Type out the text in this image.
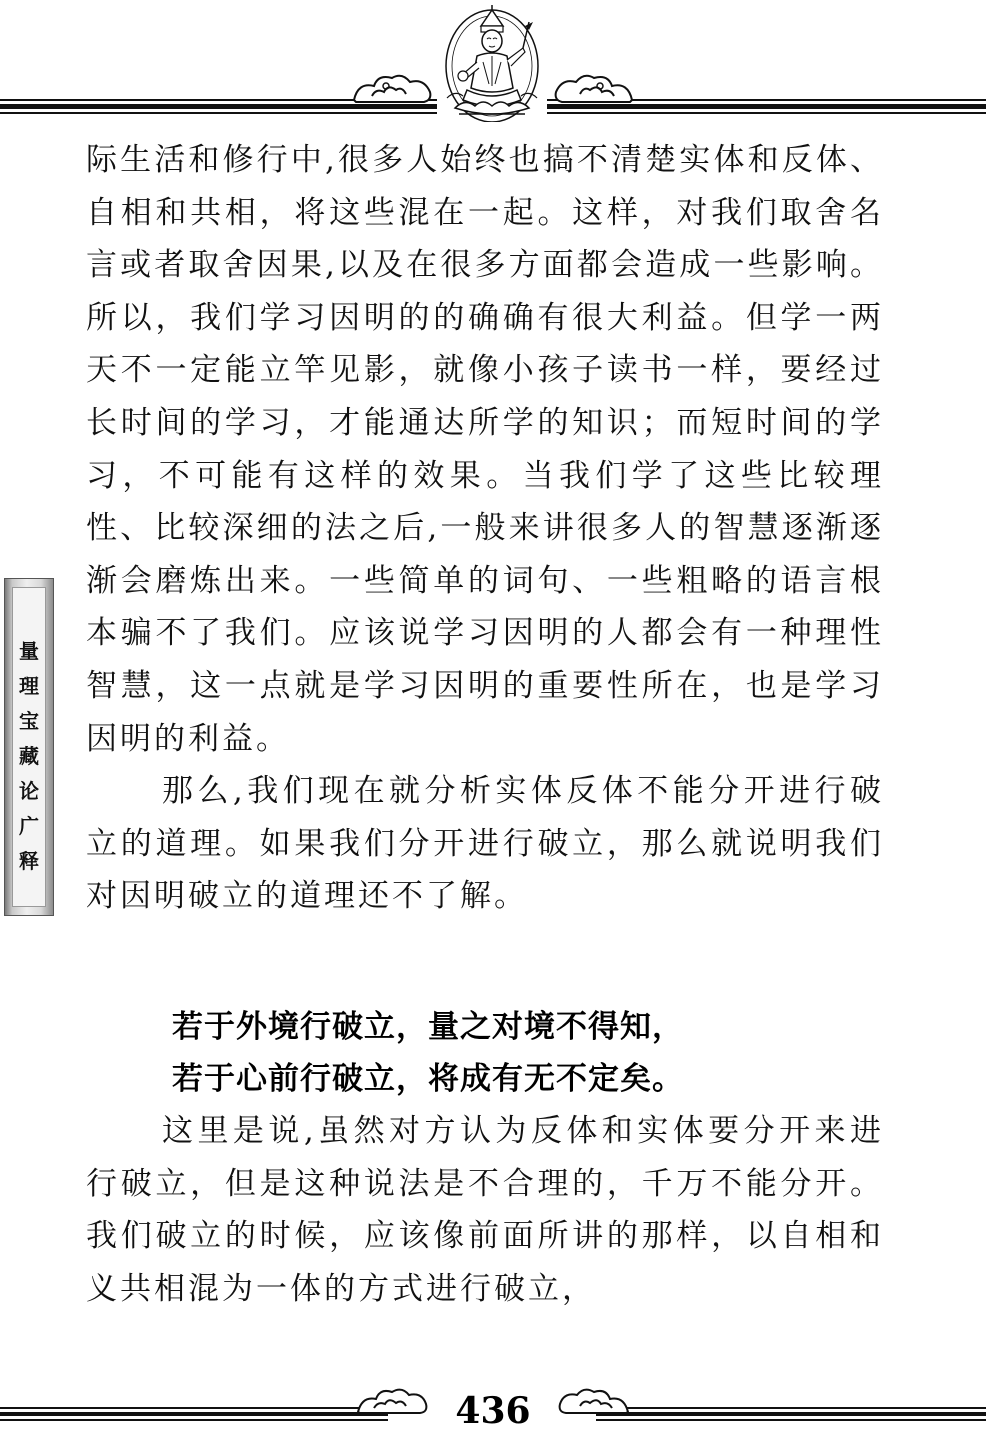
量
理
宝
藏
论
广
释

际生活和修行中,很多人始终也搞不清楚实体和反体、自相和共相，将这些混在一起。这样，对我们取舍名言或者取舍因果,以及在很多方面都会造成一些影响。所以，我们学习因明的的确确有很大利益。但学一两天不一定能立竿见影，就像小孩子读书一样，要经过长时间的学习，才能通达所学的知识；而短时间的学习，不可能有这样的效果。当我们学了这些比较理性、比较深细的法之后,一般来讲很多人的智慧逐渐逐渐会磨炼出来。一些简单的词句、一些粗略的语言根本骗不了我们。应该说学习因明的人都会有一种理性智慧，这一点就是学习因明的重要性所在，也是学习因明的利益。

那么,我们现在就分析实体反体不能分开进行破立的道理。如果我们分开进行破立，那么就说明我们对因明破立的道理还不了解。

若于外境行破立，量之对境不得知，

若于心前行破立，将成有无不定矣。

这里是说,虽然对方认为反体和实体要分开来进行破立，但是这种说法是不合理的，千万不能分开。我们破立的时候，应该像前面所讲的那样，以自相和义共相混为一体的方式进行破立，

436
